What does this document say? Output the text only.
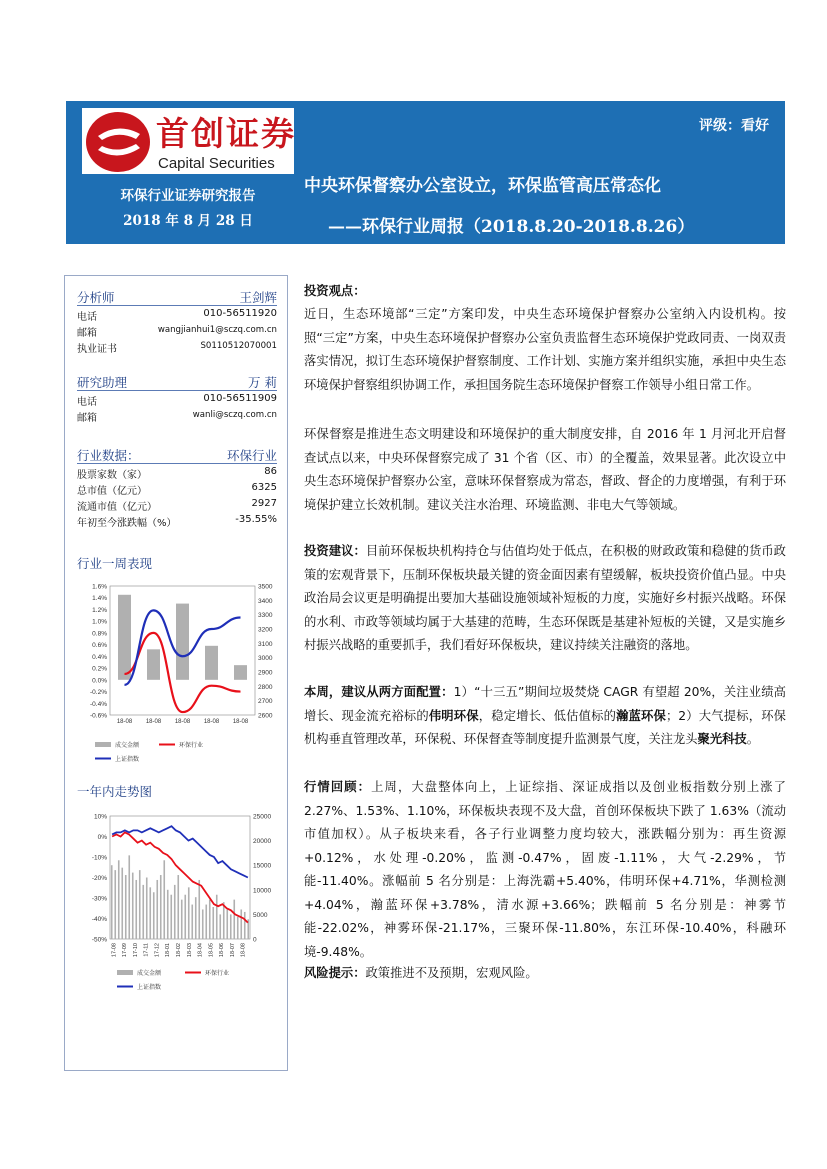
首创证券
Capital Securities
评级：看好
环保行业证券研究报告
2018 年 8 月 28 日
中央环保督察办公室设立，环保监管高压常态化
——环保行业周报（2018.8.20-2018.8.26）
分析师	王剑辉
电话	010-56511920
邮箱	wangjianhui1@sczq.com.cn
执业证书	S0110512070001
研究助理	万 莉
电话	010-56511909
邮箱	wanli@sczq.com.cn
行业数据：	环保行业
股票家数（家）	86
总市值（亿元）	6325
流通市值（亿元）	2927
年初至今涨跌幅（%）	-35.55%
行业一周表现
1.6%
1.4%
1.2%
1.0%
0.8%
0.6%
0.4%
0.2%
0.0%
-0.2%
-0.4%
-0.6%
3500
3400
3300
3200
3100
3000
2900
2800
2700
2600
18-08 18-08 18-08 18-08 18-08
成交金额	环保行业
上证指数
一年内走势图
10%
0%
-10%
-20%
-30%
-40%
-50%
25000
20000
15000
10000
5000
0
17-08 17-09 17-10 17-11 17-12 18-01 18-02 18-03 18-04 18-05 18-06 18-07 18-08
成交金额	环保行业
上证指数
投资观点：
近日，生态环境部“三定”方案印发，中央生态环境保护督察办公室纳入内设机构。按照“三定”方案，中央生态环境保护督察办公室负责监督生态环境保护党政同责、一岗双责落实情况，拟订生态环境保护督察制度、工作计划、实施方案并组织实施，承担中央生态环境保护督察组织协调工作，承担国务院生态环境保护督察工作领导小组日常工作。
环保督察是推进生态文明建设和环境保护的重大制度安排，自 2016 年 1 月河北开启督查试点以来，中央环保督察完成了 31 个省（区、市）的全覆盖，效果显著。此次设立中央生态环境保护督察办公室，意味环保督察成为常态，督政、督企的力度增强，有利于环境保护建立长效机制。建议关注水治理、环境监测、非电大气等领域。
投资建议：目前环保板块机构持仓与估值均处于低点，在积极的财政政策和稳健的货币政策的宏观背景下，压制环保板块最关键的资金面因素有望缓解，板块投资价值凸显。中央政治局会议更是明确提出要加大基础设施领域补短板的力度，实施好乡村振兴战略。环保的水利、市政等领域均属于大基建的范畴，生态环保既是基建补短板的关键，又是实施乡村振兴战略的重要抓手，我们看好环保板块，建议持续关注融资的落地。
本周，建议从两方面配置：1）“十三五”期间垃圾焚烧 CAGR 有望超 20%，关注业绩高增长、现金流充裕标的伟明环保，稳定增长、低估值标的瀚蓝环保；2）大气提标，环保机构垂直管理改革，环保税、环保督查等制度提升监测景气度，关注龙头聚光科技。
行情回顾：上周，大盘整体向上，上证综指、深证成指以及创业板指数分别上涨了 2.27%、1.53%、1.10%，环保板块表现不及大盘，首创环保板块下跌了 1.63%（流动市值加权）。从子板块来看，各子行业调整力度均较大，涨跌幅分别为：再生资源+0.12%，水处理-0.20%，监测-0.47%，固废-1.11%，大气-2.29%，节能-11.40%。涨幅前 5 名分别是：上海洗霸+5.40%，伟明环保+4.71%，华测检测+4.04%，瀚蓝环保+3.78%，清水源+3.66%；跌幅前 5 名分别是：神雾节能-22.02%，神雾环保-21.17%，三聚环保-11.80%，东江环保-10.40%，科融环境-9.48%。
风险提示：政策推进不及预期，宏观风险。
